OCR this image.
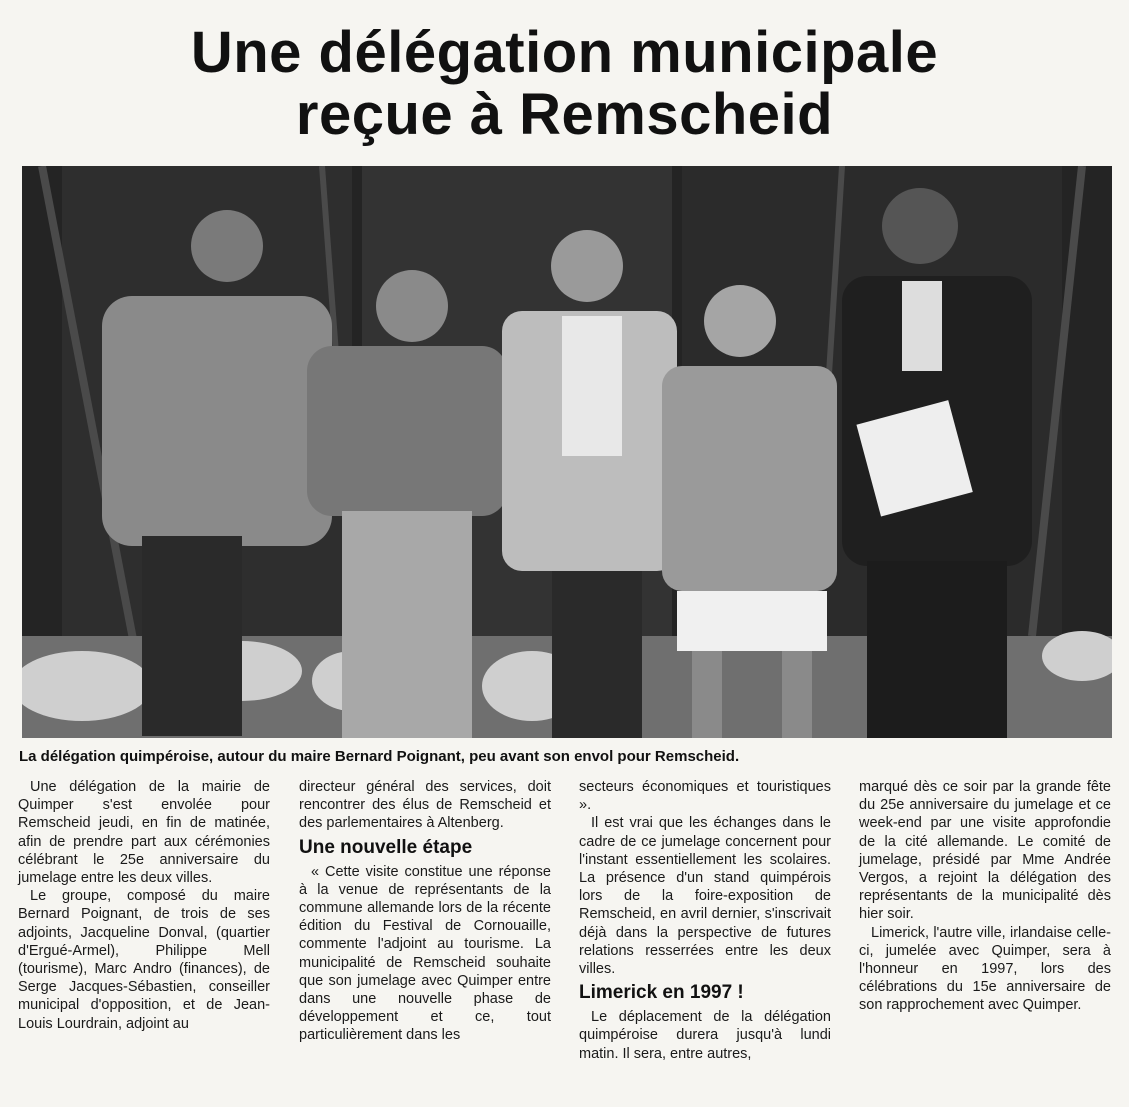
Une délégation municipale
reçue à Remscheid
La délégation quimpéroise, autour du maire Bernard Poignant, peu avant son envol pour Remscheid.

Une délégation de la mairie de Quimper s'est envolée pour Remscheid jeudi, en fin de matinée, afin de prendre part aux cérémonies célébrant le 25e anniversaire du jumelage entre les deux villes.

Le groupe, composé du maire Bernard Poignant, de trois de ses adjoints, Jacqueline Donval, (quartier d'Ergué-Armel), Philippe Mell (tourisme), Marc Andro (finances), de Serge Jacques-Sébastien, conseiller municipal d'opposition, et de Jean-Louis Lourdrain, adjoint au

directeur général des services, doit rencontrer des élus de Remscheid et des parlementaires à Altenberg.

Une nouvelle étape

« Cette visite constitue une réponse à la venue de représentants de la commune allemande lors de la récente édition du Festival de Cornouaille, commente l'adjoint au tourisme. La municipalité de Remscheid souhaite que son jumelage avec Quimper entre dans une nouvelle phase de développement et ce, tout particulièrement dans les

secteurs économiques et touristiques ».

Il est vrai que les échanges dans le cadre de ce jumelage concernent pour l'instant essentiellement les scolaires. La présence d'un stand quimpérois lors de la foire-exposition de Remscheid, en avril dernier, s'inscrivait déjà dans la perspective de futures relations resserrées entre les deux villes.

Limerick en 1997 !

Le déplacement de la délégation quimpéroise durera jusqu'à lundi matin. Il sera, entre autres,

marqué dès ce soir par la grande fête du 25e anniversaire du jumelage et ce week-end par une visite approfondie de la cité allemande. Le comité de jumelage, présidé par Mme Andrée Vergos, a rejoint la délégation des représentants de la municipalité dès hier soir.

Limerick, l'autre ville, irlandaise celle-ci, jumelée avec Quimper, sera à l'honneur en 1997, lors des célébrations du 15e anniversaire de son rapprochement avec Quimper.
